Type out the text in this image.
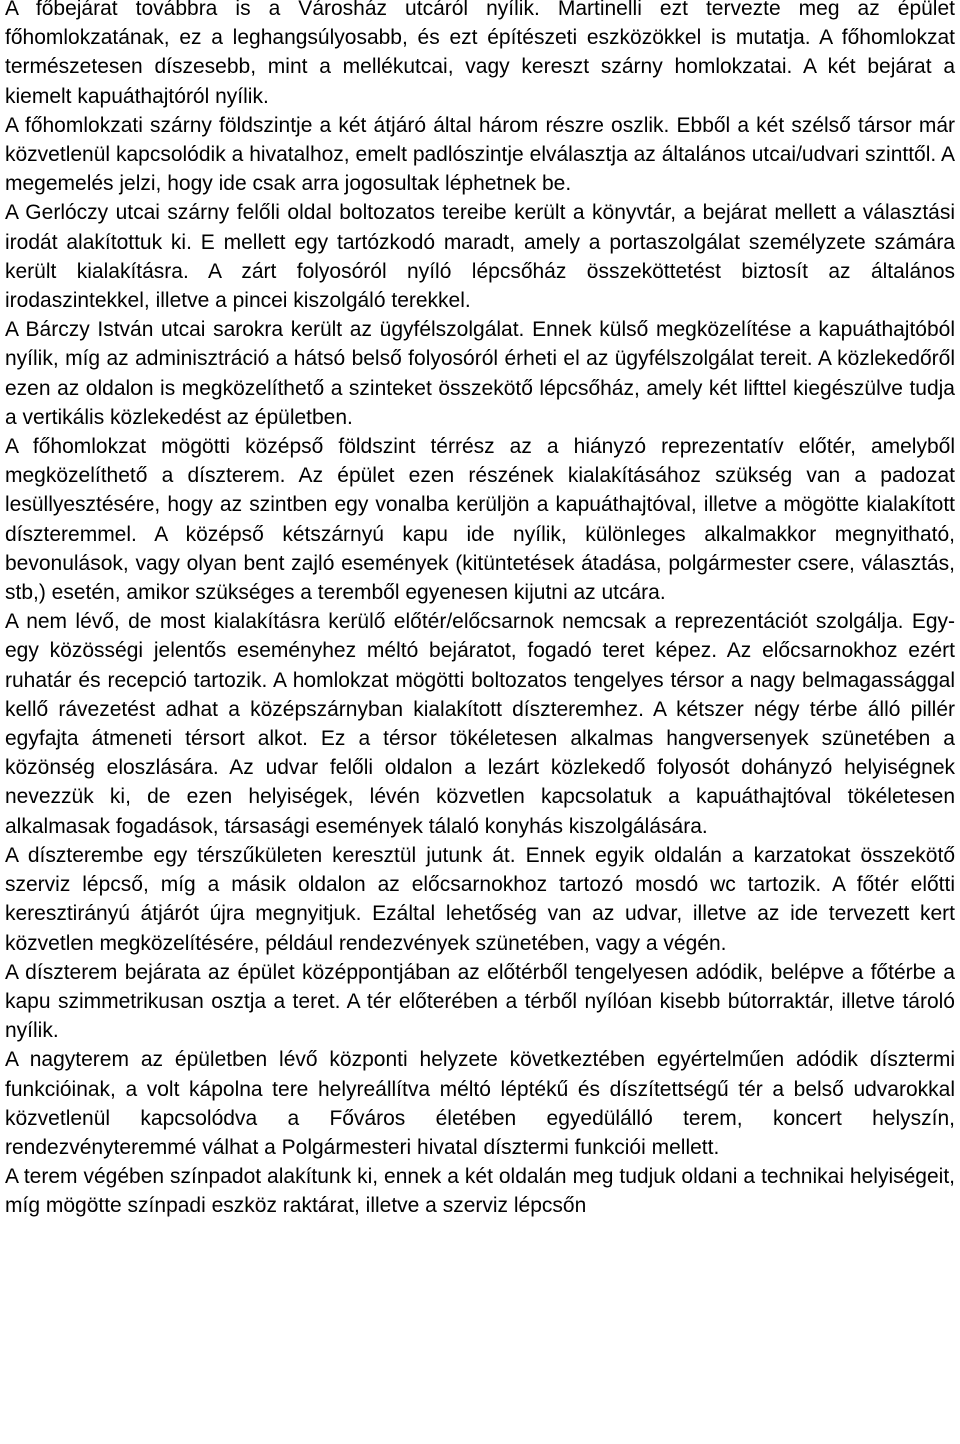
A főbejárat továbbra is a Városház utcáról nyílik. Martinelli ezt tervezte meg az épület főhomlokzatának, ez a leghangsúlyosabb, és ezt építészeti eszközökkel is mutatja. A főhomlokzat természetesen díszesebb, mint a mellékutcai, vagy kereszt szárny homlokzatai. A két bejárat a kiemelt kapuáthajtóról nyílik.

A főhomlokzati szárny földszintje a két átjáró által három részre oszlik. Ebből a két szélső társor már közvetlenül kapcsolódik a hivatalhoz, emelt padlószintje elválasztja az általános utcai/udvari szinttől. A megemelés jelzi, hogy ide csak arra jogosultak léphetnek be.

A Gerlóczy utcai szárny felőli oldal boltozatos tereibe került a könyvtár, a bejárat mellett a választási irodát alakítottuk ki. E mellett egy tartózkodó maradt, amely a portaszolgálat személyzete számára került kialakításra. A zárt folyosóról nyíló lépcsőház összeköttetést biztosít az általános irodaszintekkel, illetve a pincei kiszolgáló terekkel.

A Bárczy István utcai sarokra került az ügyfélszolgálat. Ennek külső megközelítése a kapuáthajtóból nyílik, míg az adminisztráció a hátsó belső folyosóról érheti el az ügyfélszolgálat tereit. A közlekedőről ezen az oldalon is megközelíthető a szinteket összekötő lépcsőház, amely két lifttel kiegészülve tudja a vertikális közlekedést az épületben.

A főhomlokzat mögötti középső földszint térrész az a hiányzó reprezentatív előtér, amelyből megközelíthető a díszterem. Az épület ezen részének kialakításához szükség van a padozat lesüllyesztésére, hogy az szintben egy vonalba kerüljön a kapuáthajtóval, illetve a mögötte kialakított díszteremmel. A középső kétszárnyú kapu ide nyílik, különleges alkalmakkor megnyitható, bevonulások, vagy olyan bent zajló események (kitüntetések átadása, polgármester csere, választás, stb,) esetén, amikor szükséges a teremből egyenesen kijutni az utcára.

A nem lévő, de most kialakításra kerülő előtér/előcsarnok nemcsak a reprezentációt szolgálja. Egy-egy közösségi jelentős eseményhez méltó bejáratot, fogadó teret képez. Az előcsarnokhoz ezért ruhatár és recepció tartozik. A homlokzat mögötti boltozatos tengelyes térsor a nagy belmagassággal kellő rávezetést adhat a középszárnyban kialakított díszteremhez. A kétszer négy térbe álló pillér egyfajta átmeneti térsort alkot. Ez a térsor tökéletesen alkalmas hangversenyek szünetében a közönség eloszlására. Az udvar felőli oldalon a lezárt közlekedő folyosót dohányzó helyiségnek nevezzük ki, de ezen helyiségek, lévén közvetlen kapcsolatuk a kapuáthajtóval tökéletesen alkalmasak fogadások, társasági események tálaló konyhás kiszolgálására.

A díszterembe egy térszűkületen keresztül jutunk át. Ennek egyik oldalán a karzatokat összekötő szerviz lépcső, míg a másik oldalon az előcsarnokhoz tartozó mosdó wc tartozik. A főtér előtti keresztirányú átjárót újra megnyitjuk. Ezáltal lehetőség van az udvar, illetve az ide tervezett kert közvetlen megközelítésére, például rendezvények szünetében, vagy a végén.

A díszterem bejárata az épület középpontjában az előtérből tengelyesen adódik, belépve a főtérbe a kapu szimmetrikusan osztja a teret. A tér előterében a térből nyílóan kisebb bútorraktár, illetve tároló nyílik.

A nagyterem az épületben lévő központi helyzete következtében egyértelműen adódik dísztermi funkcióinak, a volt kápolna tere helyreállítva méltó léptékű és díszítettségű tér a belső udvarokkal közvetlenül kapcsolódva a Főváros életében egyedülálló terem, koncert helyszín, rendezvényteremmé válhat a Polgármesteri hivatal dísztermi funkciói mellett.

A terem végében színpadot alakítunk ki, ennek a két oldalán meg tudjuk oldani a technikai helyiségeit, míg mögötte színpadi eszköz raktárat, illetve a szerviz lépcsőn
